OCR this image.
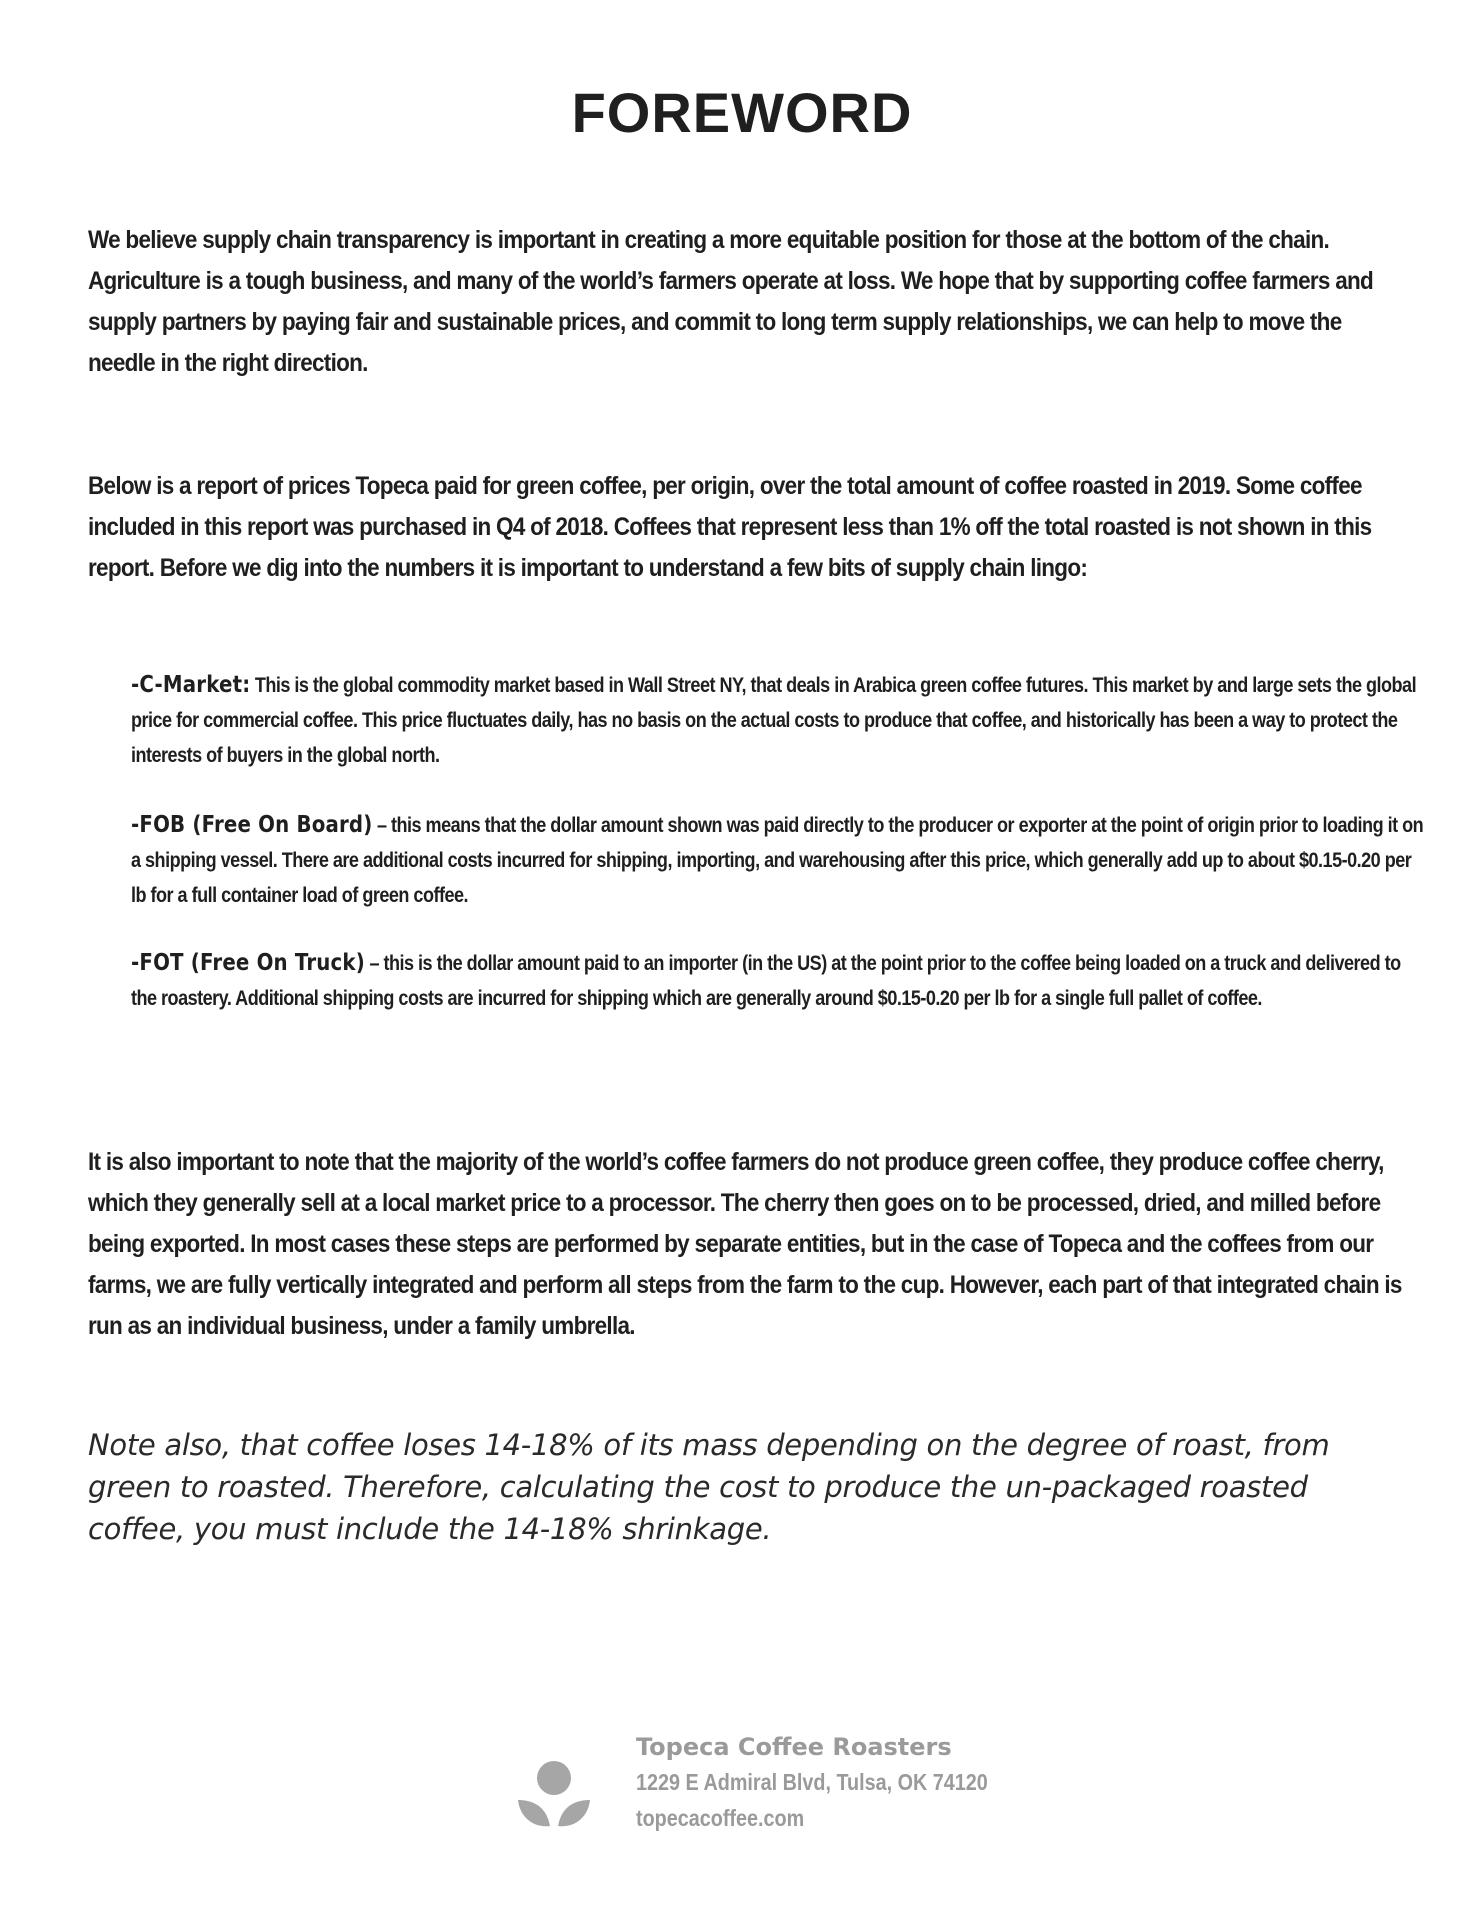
FOREWORD

We believe supply chain transparency is important in creating a more equitable position for those at the bottom of the chain. Agriculture is a tough business, and many of the world’s farmers operate at loss. We hope that by supporting coffee farmers and supply partners by paying fair and sustainable prices, and commit to long term supply relationships, we can help to move the needle in the right direction.

Below is a report of prices Topeca paid for green coffee, per origin, over the total amount of coffee roasted in 2019. Some coffee included in this report was purchased in Q4 of 2018. Coffees that represent less than 1% off the total roasted is not shown in this report. Before we dig into the numbers it is important to understand a few bits of supply chain lingo:

-C-Market: This is the global commodity market based in Wall Street NY, that deals in Arabica green coffee futures. This market by and large sets the global price for commercial coffee. This price fluctuates daily, has no basis on the actual costs to produce that coffee, and historically has been a way to protect the interests of buyers in the global north.

-FOB (Free On Board) – this means that the dollar amount shown was paid directly to the producer or exporter at the point of origin prior to loading it on a shipping vessel. There are additional costs incurred for shipping, importing, and warehousing after this price, which generally add up to about $0.15-0.20 per lb for a full container load of green coffee.

-FOT (Free On Truck) – this is the dollar amount paid to an importer (in the US) at the point prior to the coffee being loaded on a truck and delivered to the roastery. Additional shipping costs are incurred for shipping which are generally around $0.15-0.20 per lb for a single full pallet of coffee.

It is also important to note that the majority of the world’s coffee farmers do not produce green coffee, they produce coffee cherry, which they generally sell at a local market price to a processor. The cherry then goes on to be processed, dried, and milled before being exported. In most cases these steps are performed by separate entities, but in the case of Topeca and the coffees from our farms, we are fully vertically integrated and perform all steps from the farm to the cup. However, each part of that integrated chain is run as an individual business, under a family umbrella.

Note also, that coffee loses 14-18% of its mass depending on the degree of roast, from green to roasted. Therefore, calculating the cost to produce the un-packaged roasted coffee, you must include the 14-18% shrinkage.

Topeca Coffee Roasters
1229 E Admiral Blvd, Tulsa, OK 74120
topecacoffee.com
